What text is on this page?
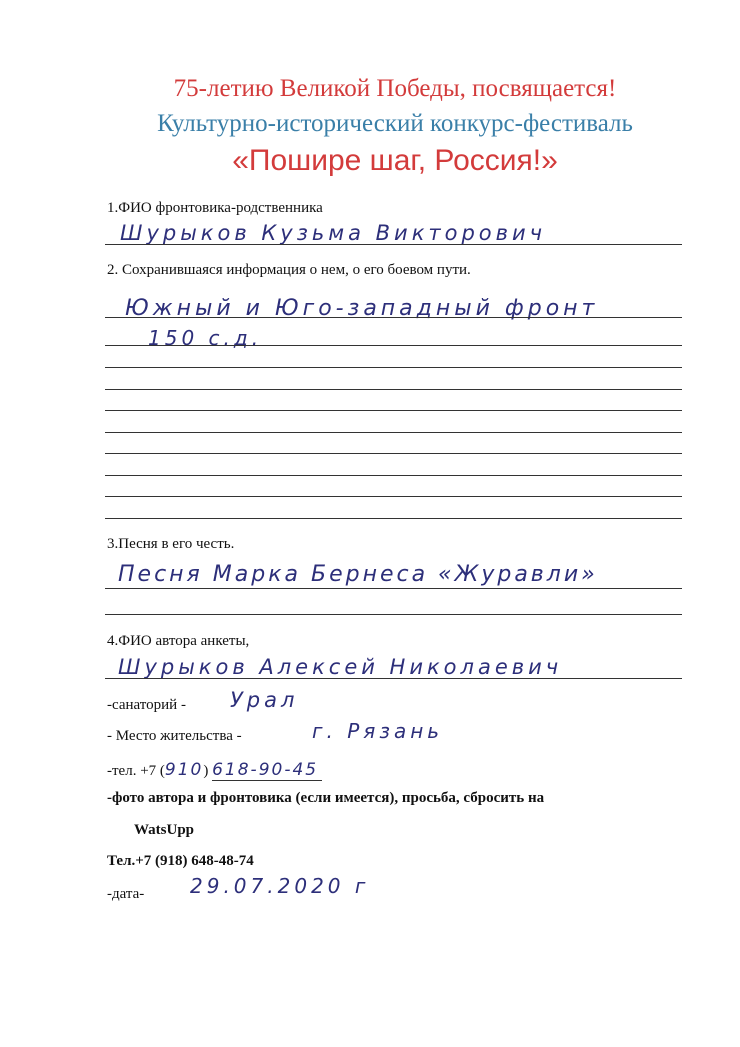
75-летию Великой Победы, посвящается!
Культурно-исторический конкурс-фестиваль
«Пошире шаг, Россия!»
1.ФИО фронтовика-родственника
Шурыков Кузьма Викторович
2. Сохранившаяся информация о нем, о его боевом пути.
Южный и Юго-западный фронт
150 с.д.
3.Песня в его честь.
Песня Марка Бернеса «Журавли»
4.ФИО автора анкеты,
Шурыков Алексей Николаевич
-санаторий - Урал
- Место жительства -	г. Рязань
-тел. +7 (910) 618-90-45
-фото автора и фронтовика (если имеется), просьба, сбросить на
WatsUpp
Тел.+7 (918) 648-48-74
-дата- 29.07.2020 г
